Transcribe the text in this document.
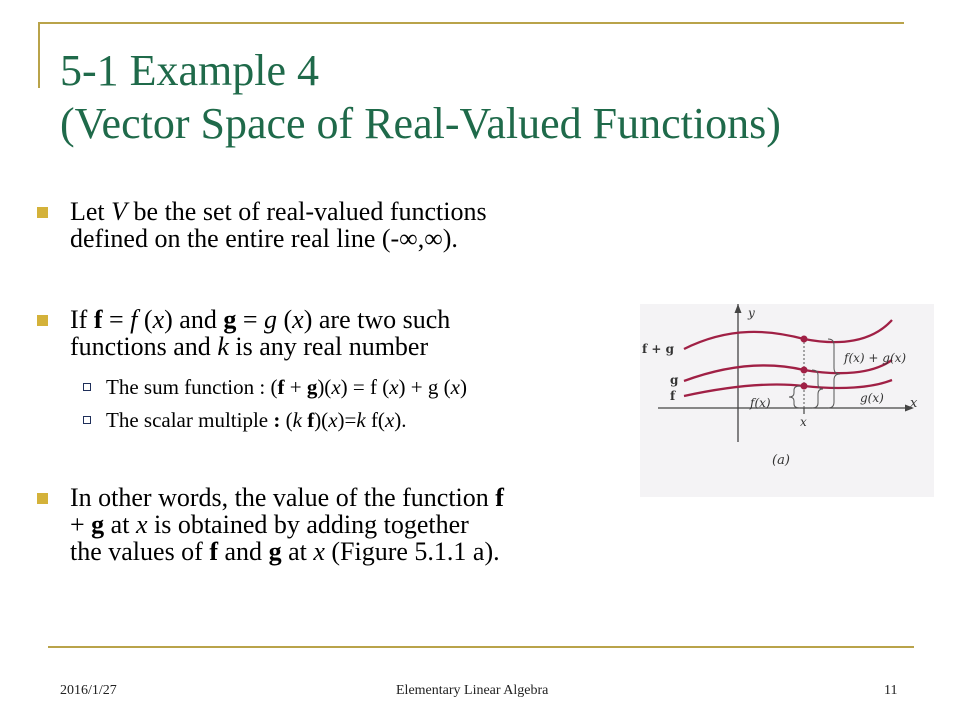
5-1 Example 4
(Vector Space of Real-Valued Functions)
Let V be the set of real-valued functions
defined on the entire real line (-∞,∞).
If f = f (x) and g = g (x) are two such
functions and k is any real number
The sum function : (f + g)(x) = f (x) + g (x)
The scalar multiple : (k f)(x)=k f(x).
In other words, the value of the function f
+ g at x is obtained by adding together
the values of f and g at x (Figure 5.1.1 a).
y
x
x
f + g
g
f
f(x) + g(x)
g(x)
f(x)
(a)
2016/1/27	Elementary Linear Algebra	11
